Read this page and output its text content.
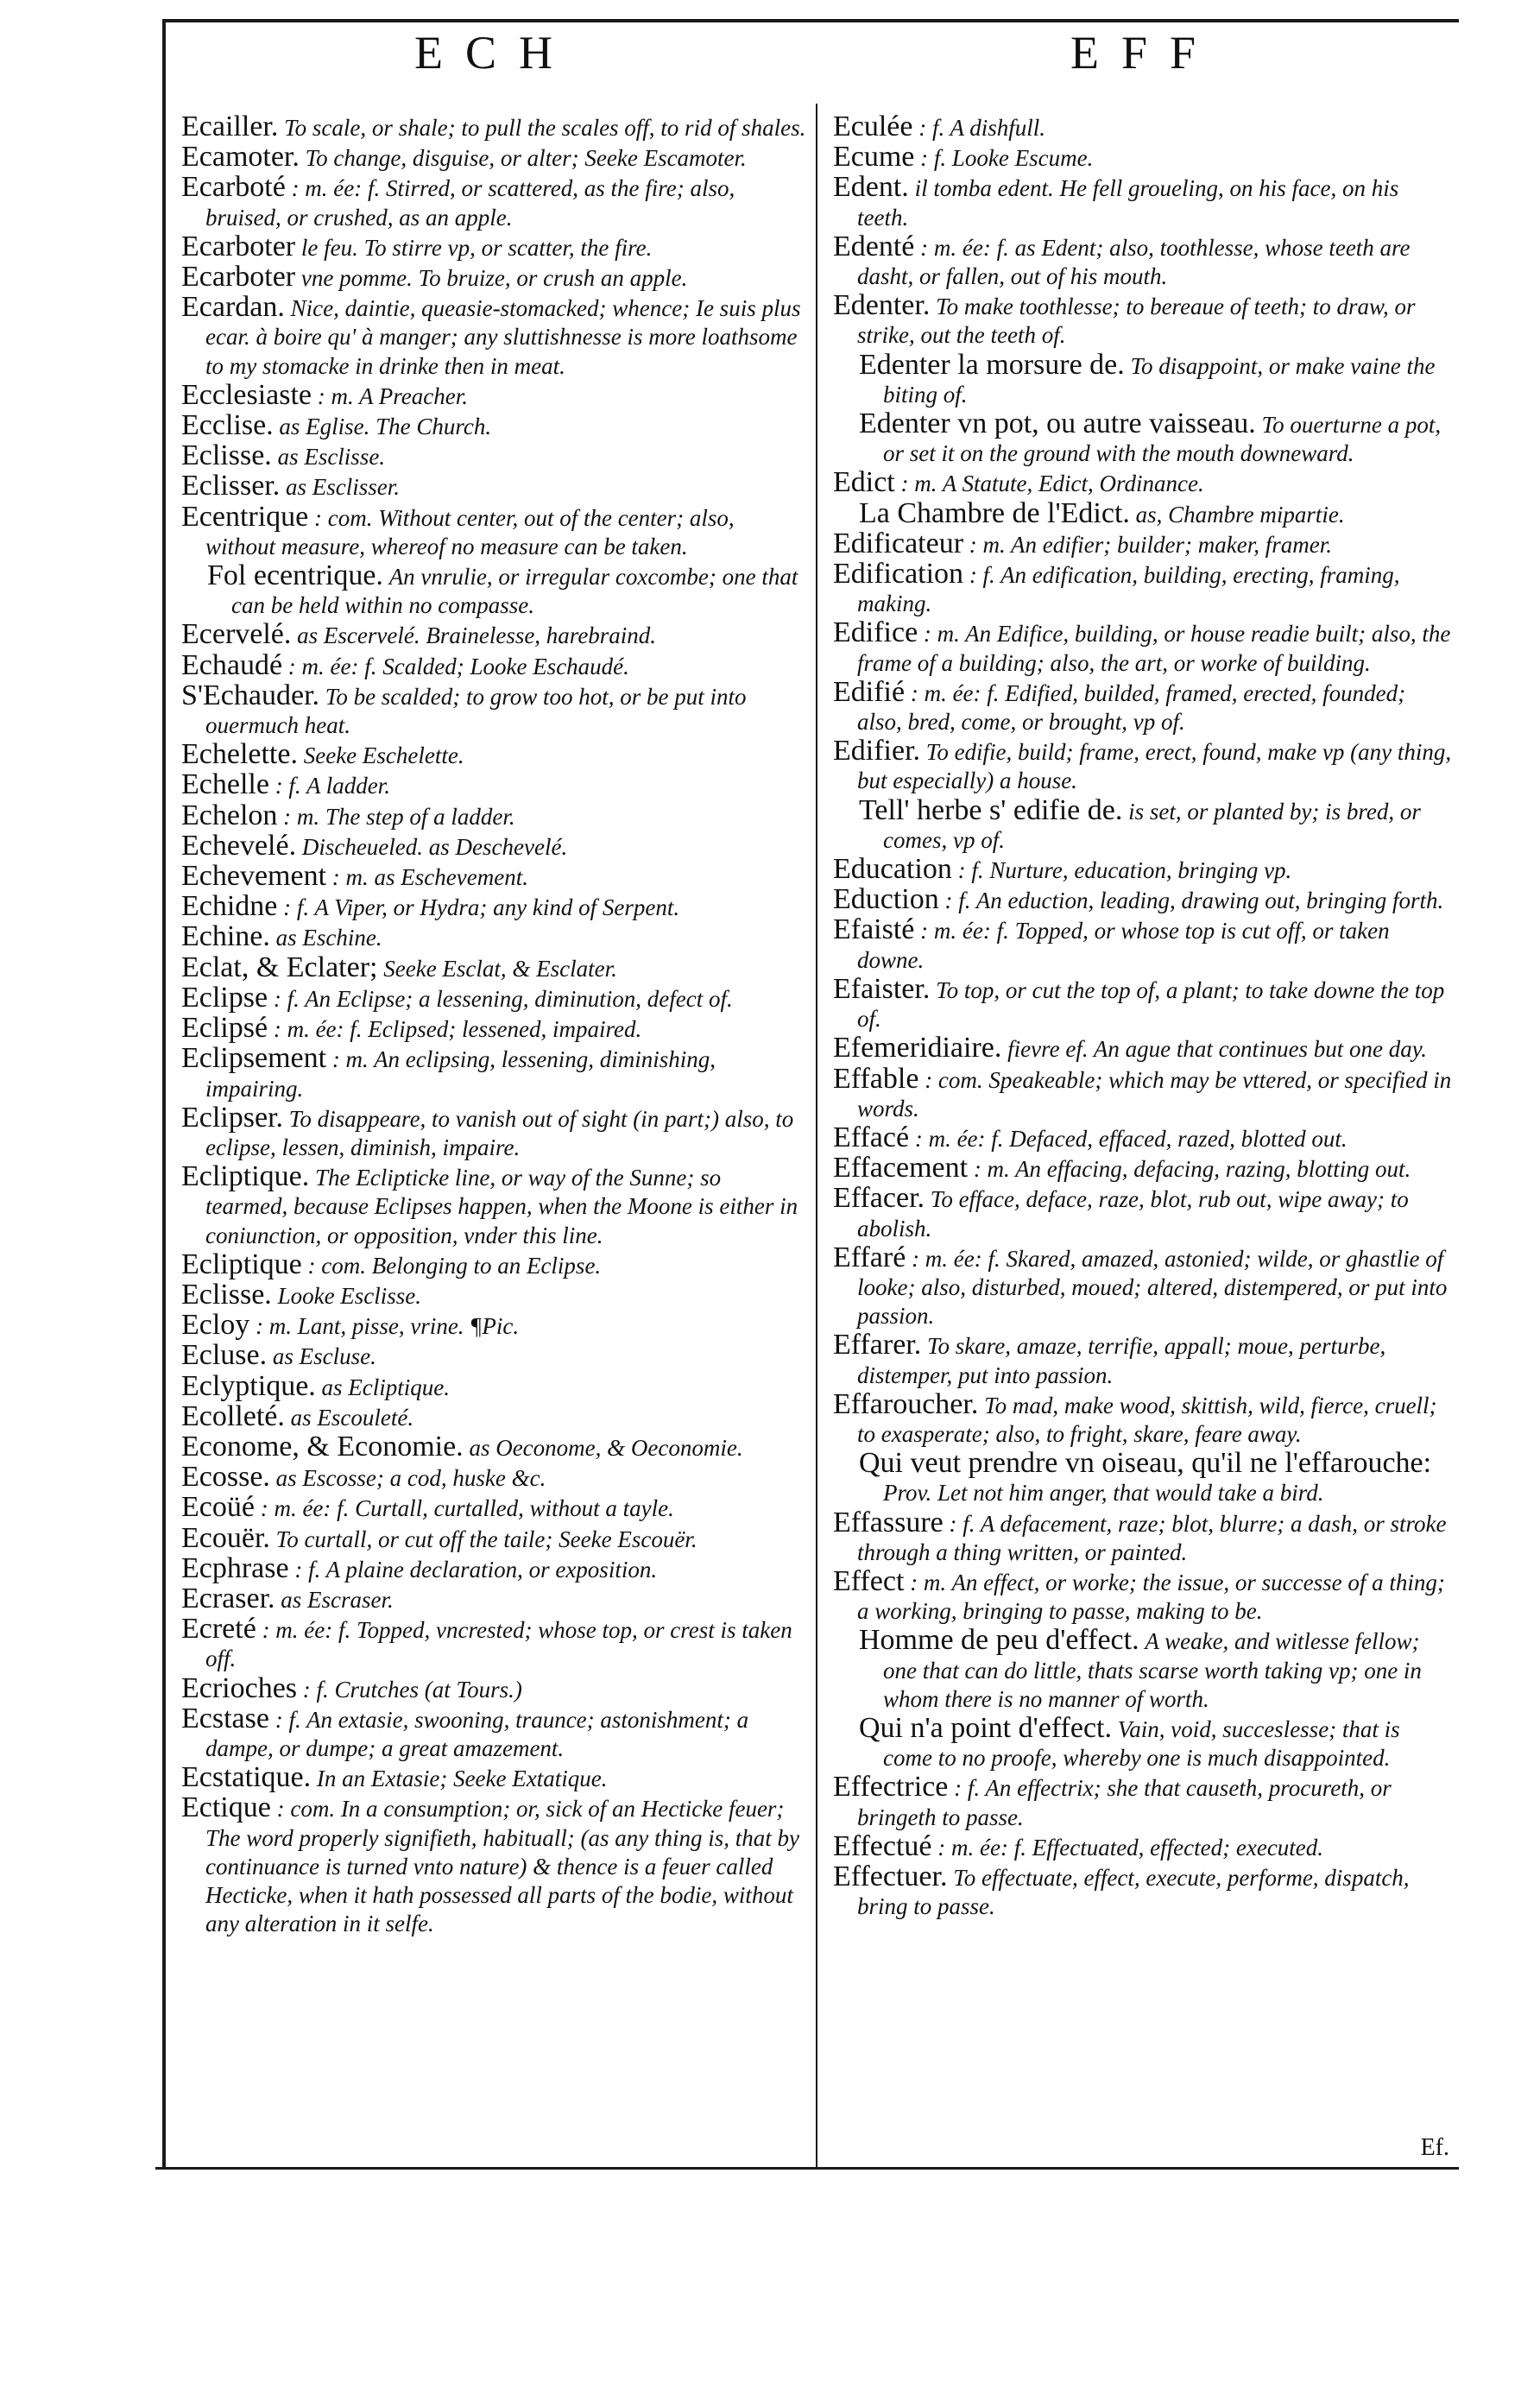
ECH	EFF
Ecailler. To scale, or shale; to pull the scales off, to rid of shales.
Ecamoter. To change, disguise, or alter; Seeke Escamoter.
Ecarboté : m. ée: f. Stirred, or scattered, as the fire; also, bruised, or crushed, as an apple.
Ecarboter le feu. To stirre vp, or scatter, the fire.
Ecarboter vne pomme. To bruize, or crush an apple.
Ecardan. Nice, daintie, queasie-stomacked; whence; Ie suis plus ecar. à boire qu' à manger; any sluttishnesse is more loathsome to my stomacke in drinke then in meat.
Ecclesiaste : m. A Preacher.
Ecclise. as Eglise. The Church.
Eclisse. as Esclisse.
Eclisser. as Esclisser.
Ecentrique : com. Without center, out of the center; also, without measure, whereof no measure can be taken.
Fol ecentrique. An vnrulie, or irregular coxcombe; one that can be held within no compasse.
Ecervelé. as Escervelé. Brainelesse, harebraind.
Echaudé : m. ée: f. Scalded; Looke Eschaudé.
S'Echauder. To be scalded; to grow too hot, or be put into ouermuch heat.
Echelette. Seeke Eschelette.
Echelle : f. A ladder.
Echelon : m. The step of a ladder.
Echevelé. Discheueled. as Deschevelé.
Echevement : m. as Eschevement.
Echidne : f. A Viper, or Hydra; any kind of Serpent.
Echine. as Eschine.
Eclat, & Eclater; Seeke Esclat, & Esclater.
Eclipse : f. An Eclipse; a lessening, diminution, defect of.
Eclipsé : m. ée: f. Eclipsed; lessened, impaired.
Eclipsement : m. An eclipsing, lessening, diminishing, impairing.
Eclipser. To disappeare, to vanish out of sight (in part;) also, to eclipse, lessen, diminish, impaire.
Ecliptique. The Eclipticke line, or way of the Sunne; so tearmed, because Eclipses happen, when the Moone is either in coniunction, or opposition, vnder this line.
Ecliptique : com. Belonging to an Eclipse.
Eclisse. Looke Esclisse.
Ecloy : m. Lant, pisse, vrine. ¶Pic.
Ecluse. as Escluse.
Eclyptique. as Ecliptique.
Ecolleté. as Escouleté.
Econome, & Economie. as Oeconome, & Oeconomie.
Ecosse. as Escosse; a cod, huske &c.
Ecoüé : m. ée: f. Curtall, curtalled, without a tayle.
Ecouër. To curtall, or cut off the taile; Seeke Escouër.
Ecphrase : f. A plaine declaration, or exposition.
Ecraser. as Escraser.
Ecreté : m. ée: f. Topped, vncrested; whose top, or crest is taken off.
Ecrioches : f. Crutches (at Tours.)
Ecstase : f. An extasie, swooning, traunce; astonishment; a dampe, or dumpe; a great amazement.
Ecstatique. In an Extasie; Seeke Extatique.
Ectique : com. In a consumption; or, sick of an Hecticke feuer; The word properly signifieth, habituall; (as any thing is, that by continuance is turned vnto nature) & thence is a feuer called Hecticke, when it hath possessed all parts of the bodie, without any alteration in it selfe.
Eculée : f. A dishfull.
Ecume : f. Looke Escume.
Edent. il tomba edent. He fell groueling, on his face, on his teeth.
Edenté : m. ée: f. as Edent; also, toothlesse, whose teeth are dasht, or fallen, out of his mouth.
Edenter. To make toothlesse; to bereaue of teeth; to draw, or strike, out the teeth of.
Edenter la morsure de. To disappoint, or make vaine the biting of.
Edenter vn pot, ou autre vaisseau. To ouerturne a pot, or set it on the ground with the mouth downeward.
Edict : m. A Statute, Edict, Ordinance.
La Chambre de l'Edict. as, Chambre mipartie.
Edificateur : m. An edifier; builder; maker, framer.
Edification : f. An edification, building, erecting, framing, making.
Edifice : m. An Edifice, building, or house readie built; also, the frame of a building; also, the art, or worke of building.
Edifié : m. ée: f. Edified, builded, framed, erected, founded; also, bred, come, or brought, vp of.
Edifier. To edifie, build; frame, erect, found, make vp (any thing, but especially) a house.
Tell' herbe s' edifie de. is set, or planted by; is bred, or comes, vp of.
Education : f. Nurture, education, bringing vp.
Eduction : f. An eduction, leading, drawing out, bringing forth.
Efaisté : m. ée: f. Topped, or whose top is cut off, or taken downe.
Efaister. To top, or cut the top of, a plant; to take downe the top of.
Efemeridiaire. fievre ef. An ague that continues but one day.
Effable : com. Speakeable; which may be vttered, or specified in words.
Effacé : m. ée: f. Defaced, effaced, razed, blotted out.
Effacement : m. An effacing, defacing, razing, blotting out.
Effacer. To efface, deface, raze, blot, rub out, wipe away; to abolish.
Effaré : m. ée: f. Skared, amazed, astonied; wilde, or ghastlie of looke; also, disturbed, moued; altered, distempered, or put into passion.
Effarer. To skare, amaze, terrifie, appall; moue, perturbe, distemper, put into passion.
Effaroucher. To mad, make wood, skittish, wild, fierce, cruell; to exasperate; also, to fright, skare, feare away.
Qui veut prendre vn oiseau, qu'il ne l'effarouche: Prov. Let not him anger, that would take a bird.
Effassure : f. A defacement, raze; blot, blurre; a dash, or stroke through a thing written, or painted.
Effect : m. An effect, or worke; the issue, or successe of a thing; a working, bringing to passe, making to be.
Homme de peu d'effect. A weake, and witlesse fellow; one that can do little, thats scarse worth taking vp; one in whom there is no manner of worth.
Qui n'a point d'effect. Vain, void, succeslesse; that is come to no proofe, whereby one is much disappointed.
Effectrice : f. An effectrix; she that causeth, procureth, or bringeth to passe.
Effectué : m. ée: f. Effectuated, effected; executed.
Effectuer. To effectuate, effect, execute, performe, dispatch, bring to passe.
Ef.
